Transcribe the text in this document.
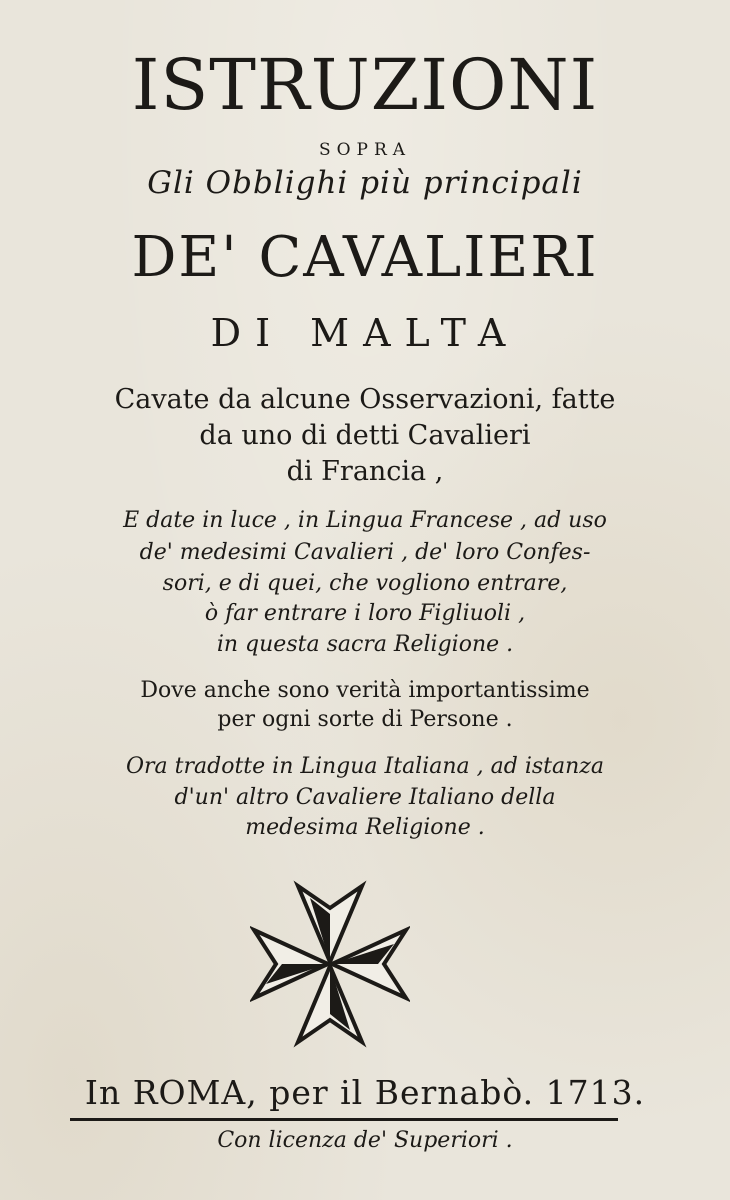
ISTRUZIONI
SOPRA
Gli Obblighi più principali
DE' CAVALIERI
DI MALTA
Cavate da alcune Osservazioni, fatte
da uno di detti Cavalieri
di Francia ,
E date in luce , in Lingua Francese , ad uso
de' medesimi Cavalieri , de' loro Confes-
sori, e di quei, che vogliono entrare,
ò far entrare i loro Figliuoli ,
in questa sacra Religione .
Dove anche sono verità importantissime
per ogni sorte di Persone .
Ora tradotte in Lingua Italiana , ad istanza
d'un' altro Cavaliere Italiano della
medesima Religione .
In ROMA, per il Bernabò. 1713.
Con licenza de' Superiori .
